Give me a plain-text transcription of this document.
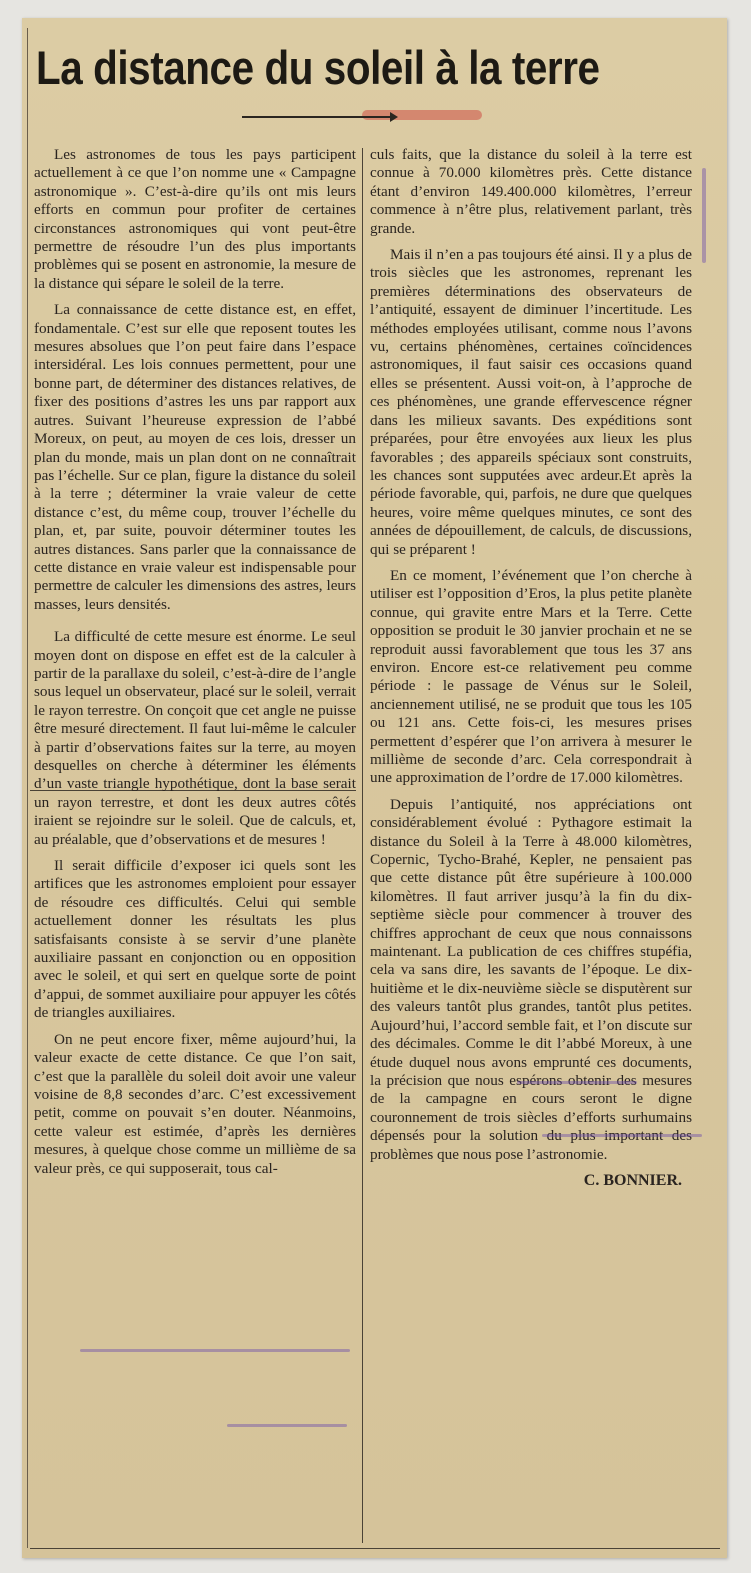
La distance du soleil à la terre

Les astronomes de tous les pays participent actuellement à ce que l’on nomme une « Campagne astronomique ». C’est-à-dire qu’ils ont mis leurs efforts en commun pour profiter de certaines circonstances astronomiques qui vont peut-être permettre de résoudre l’un des plus importants problèmes qui se posent en astronomie, la mesure de la distance qui sépare le soleil de la terre.

La connaissance de cette distance est, en effet, fondamentale. C’est sur elle que reposent toutes les mesures absolues que l’on peut faire dans l’espace intersidéral. Les lois connues permettent, pour une bonne part, de déterminer des distances relatives, de fixer des positions d’astres les uns par rapport aux autres. Suivant l’heureuse expression de l’abbé Moreux, on peut, au moyen de ces lois, dresser un plan du monde, mais un plan dont on ne connaîtrait pas l’échelle. Sur ce plan, figure la distance du soleil à la terre ; déterminer la vraie valeur de cette distance c’est, du même coup, trouver l’échelle du plan, et, par suite, pouvoir déterminer toutes les autres distances. Sans parler que la connaissance de cette distance en vraie valeur est indispensable pour permettre de calculer les dimensions des astres, leurs masses, leurs densités.

La difficulté de cette mesure est énorme. Le seul moyen dont on dispose en effet est de la calculer à partir de la parallaxe du soleil, c’est-à-dire de l’angle sous lequel un observateur, placé sur le soleil, verrait le rayon terrestre. On conçoit que cet angle ne puisse être mesuré directement. Il faut lui-même le calculer à partir d’observations faites sur la terre, au moyen desquelles on cherche à déterminer les éléments d’un vaste triangle hypothétique, dont la base serait un rayon terrestre, et dont les deux autres côtés iraient se rejoindre sur le soleil. Que de calculs, et, au préalable, que d’observations et de mesures !

Il serait difficile d’exposer ici quels sont les artifices que les astronomes emploient pour essayer de résoudre ces difficultés. Celui qui semble actuellement donner les résultats les plus satisfaisants consiste à se servir d’une planète auxiliaire passant en conjonction ou en opposition avec le soleil, et qui sert en quelque sorte de point d’appui, de sommet auxiliaire pour appuyer les côtés de triangles auxiliaires.

On ne peut encore fixer, même aujourd’hui, la valeur exacte de cette distance. Ce que l’on sait, c’est que la parallèle du soleil doit avoir une valeur voisine de 8,8 secondes d’arc. C’est excessivement petit, comme on pouvait s’en douter. Néanmoins, cette valeur est estimée, d’après les dernières mesures, à quelque chose comme un millième de sa valeur près, ce qui supposerait, tous cal-

culs faits, que la distance du soleil à la terre est connue à 70.000 kilomètres près. Cette distance étant d’environ 149.400.000 kilomètres, l’erreur commence à n’être plus, relativement parlant, très grande.

Mais il n’en a pas toujours été ainsi. Il y a plus de trois siècles que les astronomes, reprenant les premières déterminations des observateurs de l’antiquité, essayent de diminuer l’incertitude. Les méthodes employées utilisant, comme nous l’avons vu, certains phénomènes, certaines coïncidences astronomiques, il faut saisir ces occasions quand elles se présentent. Aussi voit-on, à l’approche de ces phénomènes, une grande effervescence régner dans les milieux savants. Des expéditions sont préparées, pour être envoyées aux lieux les plus favorables ; des appareils spéciaux sont construits, les chances sont supputées avec ardeur.Et après la période favorable, qui, parfois, ne dure que quelques heures, voire même quelques minutes, ce sont des années de dépouillement, de calculs, de discussions, qui se préparent !

En ce moment, l’événement que l’on cherche à utiliser est l’opposition d’Eros, la plus petite planète connue, qui gravite entre Mars et la Terre. Cette opposition se produit le 30 janvier prochain et ne se reproduit aussi favorablement que tous les 37 ans environ. Encore est-ce relativement peu comme période : le passage de Vénus sur le Soleil, anciennement utilisé, ne se produit que tous les 105 ou 121 ans. Cette fois-ci, les mesures prises permettent d’espérer que l’on arrivera à mesurer le millième de seconde d’arc. Cela correspondrait à une approximation de l’ordre de 17.000 kilomètres.

Depuis l’antiquité, nos appréciations ont considérablement évolué : Pythagore estimait la distance du Soleil à la Terre à 48.000 kilomètres, Copernic, Tycho-Brahé, Kepler, ne pensaient pas que cette distance pût être supérieure à 100.000 kilomètres. Il faut arriver jusqu’à la fin du dix-septième siècle pour commencer à trouver des chiffres approchant de ceux que nous connaissons maintenant. La publication de ces chiffres stupéfia, cela va sans dire, les savants de l’époque. Le dix-huitième et le dix-neuvième siècle se disputèrent sur des valeurs tantôt plus grandes, tantôt plus petites. Aujourd’hui, l’accord semble fait, et l’on discute sur des décimales. Comme le dit l’abbé Moreux, à une étude duquel nous avons emprunté ces documents, la précision que nous espérons obtenir des mesures de la campagne en cours seront le digne couronnement de trois siècles d’efforts surhumains dépensés pour la solution du plus important des problèmes que nous pose l’astronomie.

C. BONNIER.
